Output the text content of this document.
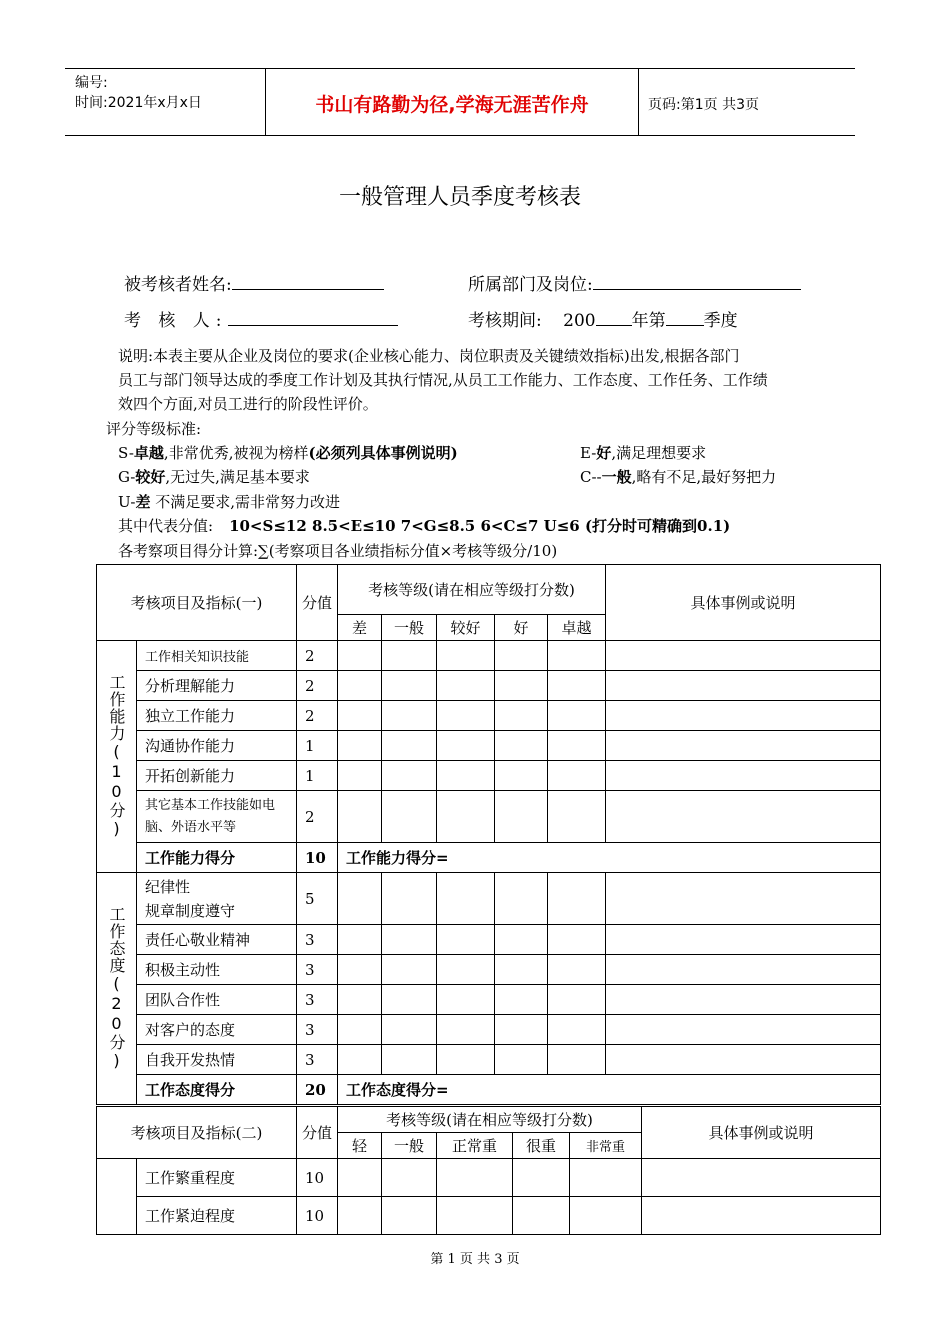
编号:
时间:2021年x月x日	书山有路勤为径,学海无涯苦作舟	页码:第1页 共3页
一般管理人员季度考核表
被考核者姓名:	所属部门及岗位:
考 核 人:	考核期间: 200 年第 季度
说明:本表主要从企业及岗位的要求(企业核心能力、岗位职责及关键绩效指标)出发,根据各部门
员工与部门领导达成的季度工作计划及其执行情况,从员工工作能力、工作态度、工作任务、工作绩
效四个方面,对员工进行的阶段性评价。
评分等级标准:
S-卓越,非常优秀,被视为榜样(必须列具体事例说明)	E-好,满足理想要求
G-较好,无过失,满足基本要求	C--一般,略有不足,最好努把力
U-差 不满足要求,需非常努力改进
其中代表分值: 10<S≤12 8.5<E≤10 7<G≤8.5 6<C≤7 U≤6 (打分时可精确到0.1)
各考察项目得分计算:∑(考察项目各业绩指标分值×考核等级分/10)
考核项目及指标(一)		分值	考核等级(请在相应等级打分数)					具体事例或说明
			差	一般	较好	好	卓越	

工作能力(10分)	工作相关知识技能	2						
	分析理解能力	2						
	独立工作能力	2						
	沟通协作能力	1						
	开拓创新能力	1						
	其它基本工作技能如电脑、外语水平等	2						
	工作能力得分	10	工作能力得分=					

工作态度(20分)	纪律性
规章制度遵守	5						
	责任心敬业精神	3						
	积极主动性	3						
	团队合作性	3						
	对客户的态度	3						
	自我开发热情	3						
	工作态度得分	20	工作态度得分=					
考核项目及指标(二)		分值	考核等级(请在相应等级打分数)					具体事例或说明
			轻	一般	正常重	很重	非常重	
	工作繁重程度	10						
	工作紧迫程度	10						
第 1 页 共 3 页
